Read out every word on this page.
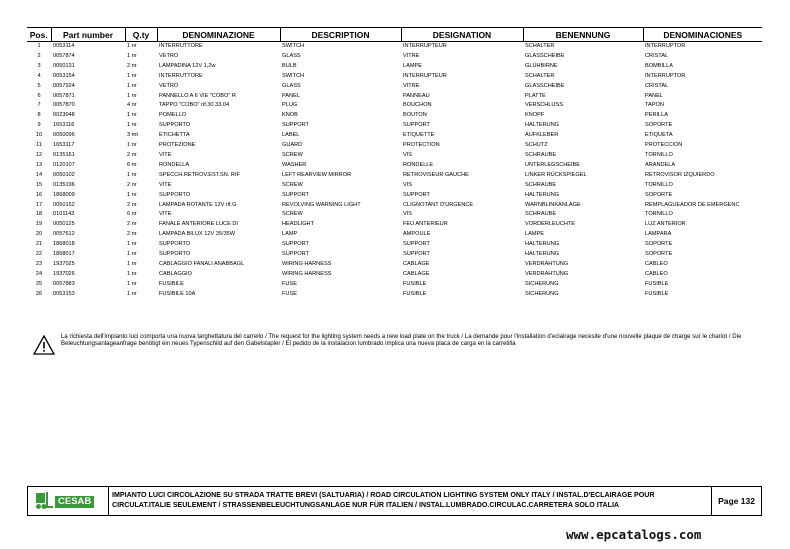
Pos.	Part number	Q.ty	DENOMINAZIONE	DESCRIPTION	DESIGNATION	BENENNUNG	DENOMINACIONES
1	0053114	1 nr	INTERRUTTORE	SWITCH	INTERRUPTEUR	SCHALTER	INTERRUPTOR
2	0057874	1 nr	VETRO	GLASS	VITRE	GLASSCHEIBE	CRISTAL
3	0050131	2 nr	LAMPADINA 12V 1,2w	BULB	LAMPE	GLÜHBIRNE	BOMBILLA
4	0053154	1 nr	INTERRUTTORE	SWITCH	INTERRUPTEUR	SCHALTER	INTERRUPTOR
5	0057924	1 nr	VETRO	GLASS	VITRE	GLASSCHEIBE	CRISTAL
6	0057871	1 nr	PANNELLO A 6 VIE "COBO" R	PANEL	PANNEAU	PLATTE	PANEL
7	0057870	4 nr	TAPPO "COBO" rif.30.33.04	PLUG	BOUCHON	VERSCHLUSS	TAPON
8	0023048	1 nr	POMELLO	KNOB	BOUTON	KNOPF	PERILLA
9	1653116	1 nr	SUPPORTO	SUPPORT	SUPPORT	HALTERUNG	SOPORTE
10	0050096	3 mt	ETICHETTA	LABEL	ETIQUETTE	AUFKLEBER	ETIQUETA
11	1653117	1 nr	PROTEZIONE	GUARD	PROTECTION	SCHUTZ	PROTECCION
12	0135161	2 nr	VITE	SCREW	VIS	SCHRAUBE	TORNILLO
13	0120107	6 nr	RONDELLA	WASHER	RONDELLE	UNTERLEGSCHEIBE	ARANDELA
14	0050102	1 nr	SPECCH.RETROV.EST.SN. RIF	LEFT REARVIEW MIRROR	RETROVISEUR GAUCHE	LINKER RÜCKSPIEGEL	RETROVISOR IZQUIERDO
15	0135196	2 nr	VITE	SCREW	VIS	SCHRAUBE	TORNILLO
16	1868009	1 nr	SUPPORTO	SUPPORT	SUPPORT	HALTERUNG	SOPORTE
17	0050152	2 nr	LAMPADA ROTANTE 12V rif.G	REVOLVING WARNING LIGHT	CLIGNOTANT D'URGENCE	WARNBLINKANLAGE	REMPLAGUEADOR DE EMERGENC
18	0101143	6 nr	VITE	SCREW	VIS	SCHRAUBE	TORNILLO
19	0050125	2 nr	FANALE ANTERIORE LUCE DI	HEADLIGHT	FEU ANTERIEUR	VORDERLEUCHTE	LUZ ANTERIOR
20	0057612	2 nr	LAMPADA BILUX 12V 35/35W	LAMP	AMPOULE	LAMPE	LAMPARA
21	1868018	1 nr	SUPPORTO	SUPPORT	SUPPORT	HALTERUNG	SOPORTE
22	1868017	1 nr	SUPPORTO	SUPPORT	SUPPORT	HALTERUNG	SOPORTE
23	1937025	1 nr	CABLAGGIO FANALI ANABBAGL	WIRING HARNESS	CABLAGE	VERDRAHTUNG	CABLEO
24	1937026	1 nr	CABLAGGIO	WIRING HARNESS	CABLAGE	VERDRAHTUNG	CABLEO
25	0057883	1 nr	FUSIBILE	FUSE	FUSIBLE	SICHERUNG	FUSIBLE
26	0053153	1 nr	FUSIBILE 10A	FUSE	FUSIBLE	SICHERUNG	FUSIBLE
La richiesta dell'impianto luci comporta una nuova targhettatura del carrello / The request for the lighting system needs a new load plate on the truck / La demande pour l'installation d'eclairage necesite d'une nouvelle plaque de charge sur le chariot / Die Beleuchtungsanlageanfrage benötigt ein neues Typenschild auf den Gabelstapler / El pedido de la instalacion lumbrado implica una nueva placa de carga en la carretilla
CESAB
IMPIANTO LUCI CIRCOLAZIONE SU STRADA TRATTE BREVI (SALTUARIA) / ROAD CIRCULATION LIGHTING SYSTEM ONLY ITALY / INSTAL.D'ECLAIRAGE POUR CIRCULAT.ITALIE SEULEMENT / STRASSENBELEUCHTUNGSANLAGE NUR FÜR ITALIEN / INSTAL.LUMBRADO.CIRCULAC.CARRETERA SOLO ITALIA	Page 132
www.epcatalogs.com
